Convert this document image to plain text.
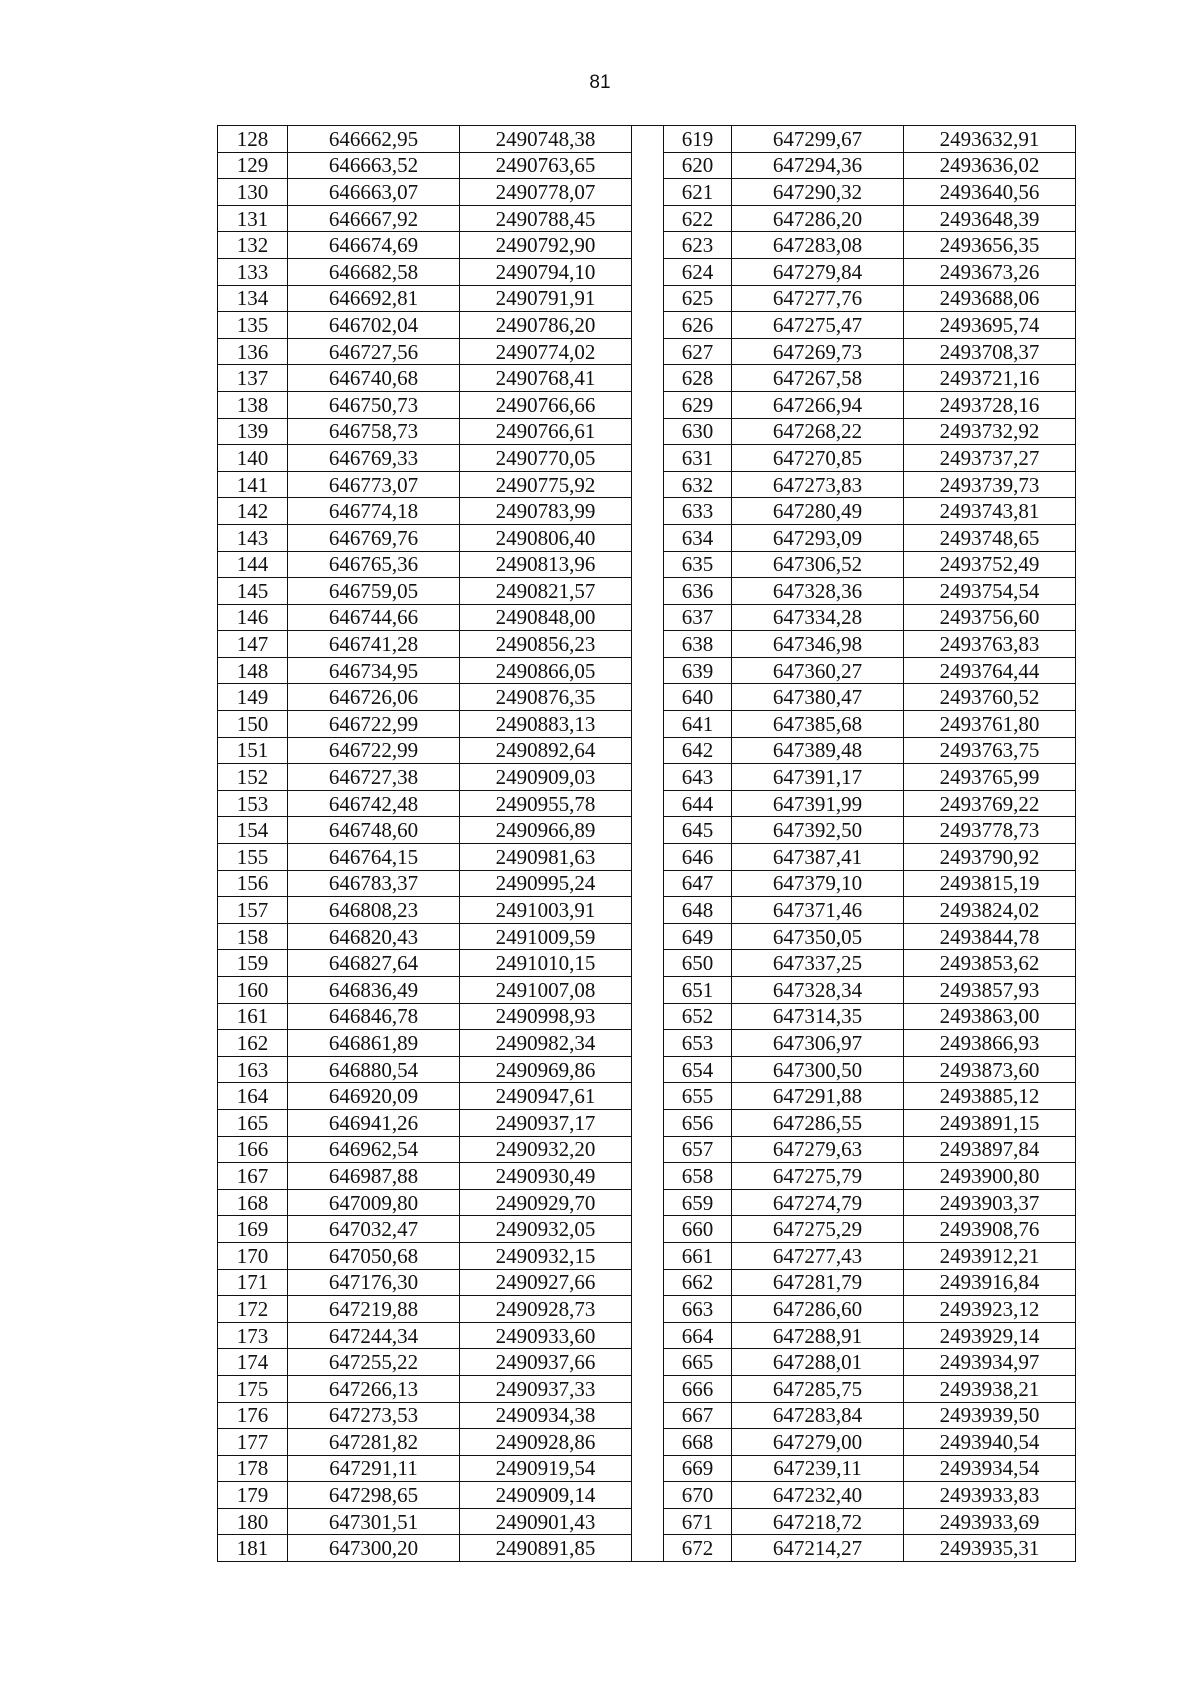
81
128	646662,95	2490748,38		619	647299,67	2493632,91
129	646663,52	2490763,65		620	647294,36	2493636,02
130	646663,07	2490778,07		621	647290,32	2493640,56
131	646667,92	2490788,45		622	647286,20	2493648,39
132	646674,69	2490792,90		623	647283,08	2493656,35
133	646682,58	2490794,10		624	647279,84	2493673,26
134	646692,81	2490791,91		625	647277,76	2493688,06
135	646702,04	2490786,20		626	647275,47	2493695,74
136	646727,56	2490774,02		627	647269,73	2493708,37
137	646740,68	2490768,41		628	647267,58	2493721,16
138	646750,73	2490766,66		629	647266,94	2493728,16
139	646758,73	2490766,61		630	647268,22	2493732,92
140	646769,33	2490770,05		631	647270,85	2493737,27
141	646773,07	2490775,92		632	647273,83	2493739,73
142	646774,18	2490783,99		633	647280,49	2493743,81
143	646769,76	2490806,40		634	647293,09	2493748,65
144	646765,36	2490813,96		635	647306,52	2493752,49
145	646759,05	2490821,57		636	647328,36	2493754,54
146	646744,66	2490848,00		637	647334,28	2493756,60
147	646741,28	2490856,23		638	647346,98	2493763,83
148	646734,95	2490866,05		639	647360,27	2493764,44
149	646726,06	2490876,35		640	647380,47	2493760,52
150	646722,99	2490883,13		641	647385,68	2493761,80
151	646722,99	2490892,64		642	647389,48	2493763,75
152	646727,38	2490909,03		643	647391,17	2493765,99
153	646742,48	2490955,78		644	647391,99	2493769,22
154	646748,60	2490966,89		645	647392,50	2493778,73
155	646764,15	2490981,63		646	647387,41	2493790,92
156	646783,37	2490995,24		647	647379,10	2493815,19
157	646808,23	2491003,91		648	647371,46	2493824,02
158	646820,43	2491009,59		649	647350,05	2493844,78
159	646827,64	2491010,15		650	647337,25	2493853,62
160	646836,49	2491007,08		651	647328,34	2493857,93
161	646846,78	2490998,93		652	647314,35	2493863,00
162	646861,89	2490982,34		653	647306,97	2493866,93
163	646880,54	2490969,86		654	647300,50	2493873,60
164	646920,09	2490947,61		655	647291,88	2493885,12
165	646941,26	2490937,17		656	647286,55	2493891,15
166	646962,54	2490932,20		657	647279,63	2493897,84
167	646987,88	2490930,49		658	647275,79	2493900,80
168	647009,80	2490929,70		659	647274,79	2493903,37
169	647032,47	2490932,05		660	647275,29	2493908,76
170	647050,68	2490932,15		661	647277,43	2493912,21
171	647176,30	2490927,66		662	647281,79	2493916,84
172	647219,88	2490928,73		663	647286,60	2493923,12
173	647244,34	2490933,60		664	647288,91	2493929,14
174	647255,22	2490937,66		665	647288,01	2493934,97
175	647266,13	2490937,33		666	647285,75	2493938,21
176	647273,53	2490934,38		667	647283,84	2493939,50
177	647281,82	2490928,86		668	647279,00	2493940,54
178	647291,11	2490919,54		669	647239,11	2493934,54
179	647298,65	2490909,14		670	647232,40	2493933,83
180	647301,51	2490901,43		671	647218,72	2493933,69
181	647300,20	2490891,85		672	647214,27	2493935,31
